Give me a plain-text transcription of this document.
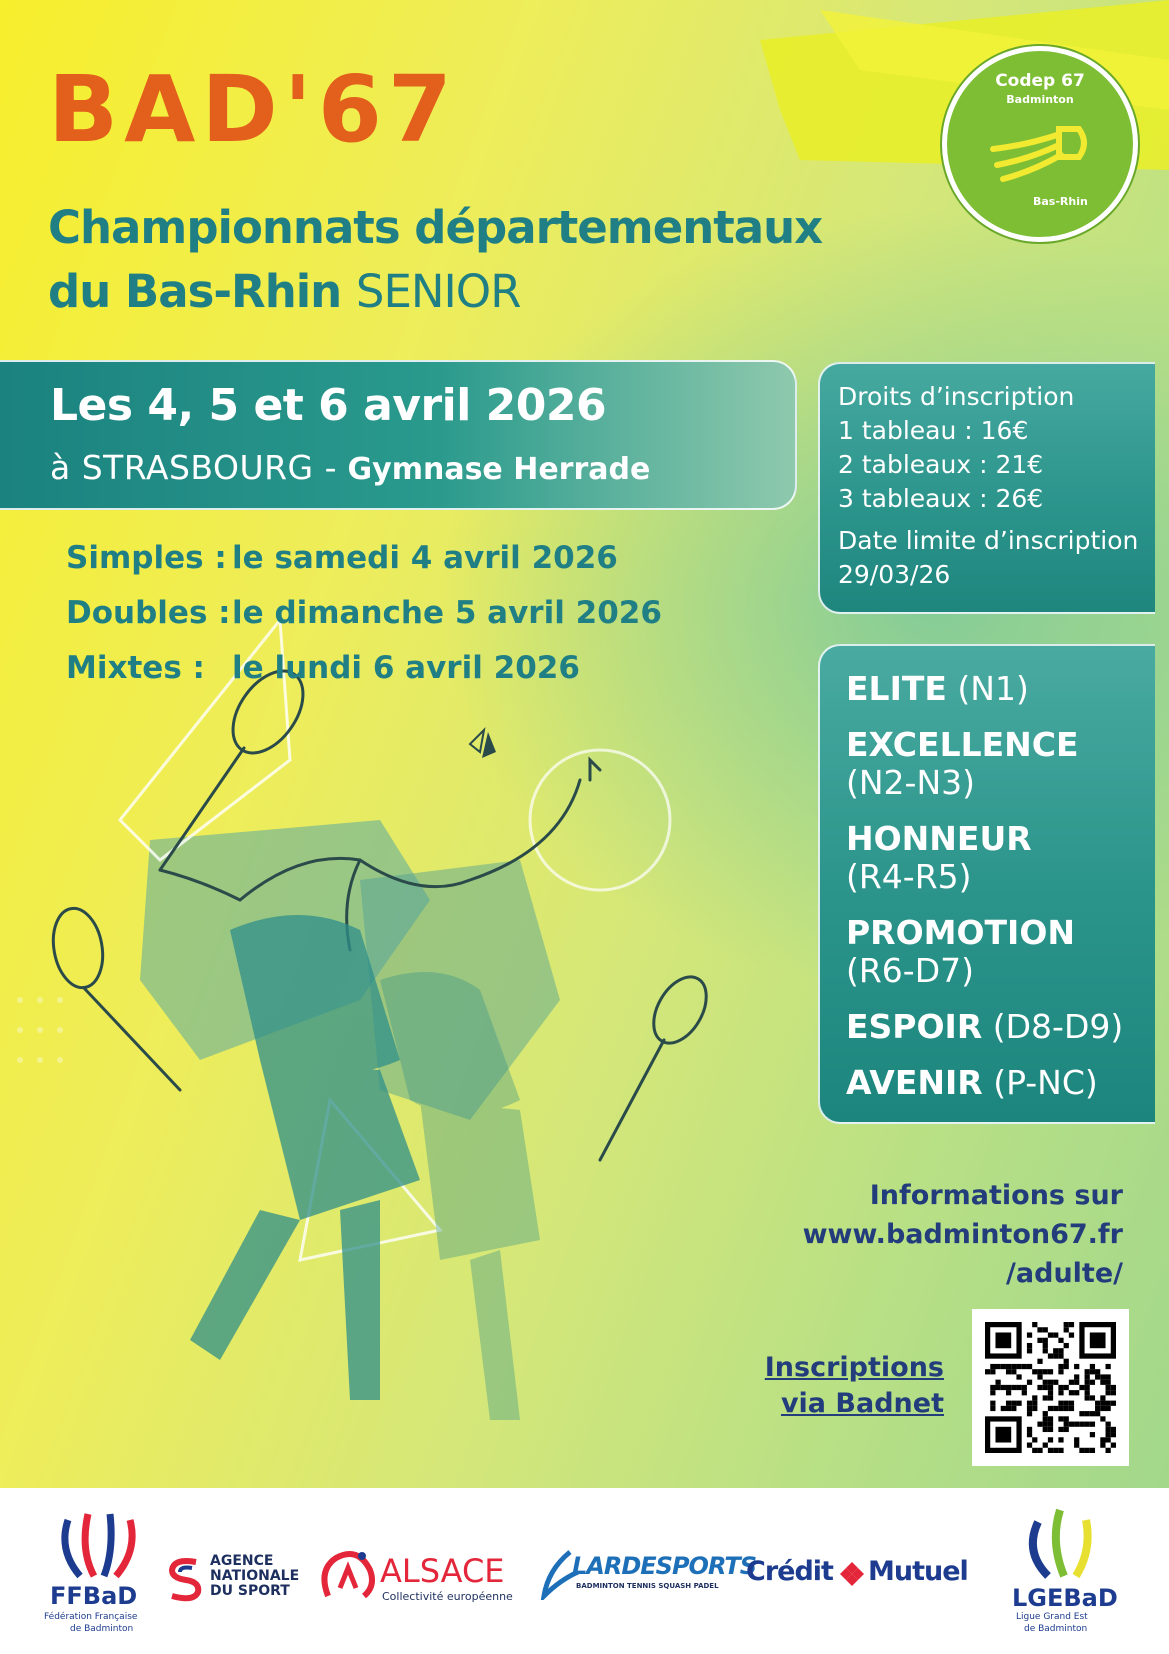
BAD'67
Championnats départementaux
du Bas-Rhin SENIOR
Codep 67
Badminton
Bas-Rhin
Les 4, 5 et 6 avril 2026
à STRASBOURG - Gymnase Herrade
Simples : le samedi 4 avril 2026
Doubles : le dimanche 5 avril 2026
Mixtes : le lundi 6 avril 2026
Droits d’inscription
1 tableau : 16€
2 tableaux : 21€
3 tableaux : 26€
Date limite d’inscription
29/03/26
ELITE (N1)
EXCELLENCE
(N2-N3)
HONNEUR
(R4-R5)
PROMOTION
(R6-D7)
ESPOIR (D8-D9)
AVENIR (P-NC)
Informations sur
www.badminton67.fr
/adulte/
Inscriptions
via Badnet
FFBaD
Fédération Française
de Badminton
AGENCE
NATIONALE
DU SPORT
ALSACE
Collectivité européenne
LARDESPORTS
BADMINTON TENNIS SQUASH PADEL Crédit Mutuel
LGEBaD
Ligue Grand Est
de Badminton
